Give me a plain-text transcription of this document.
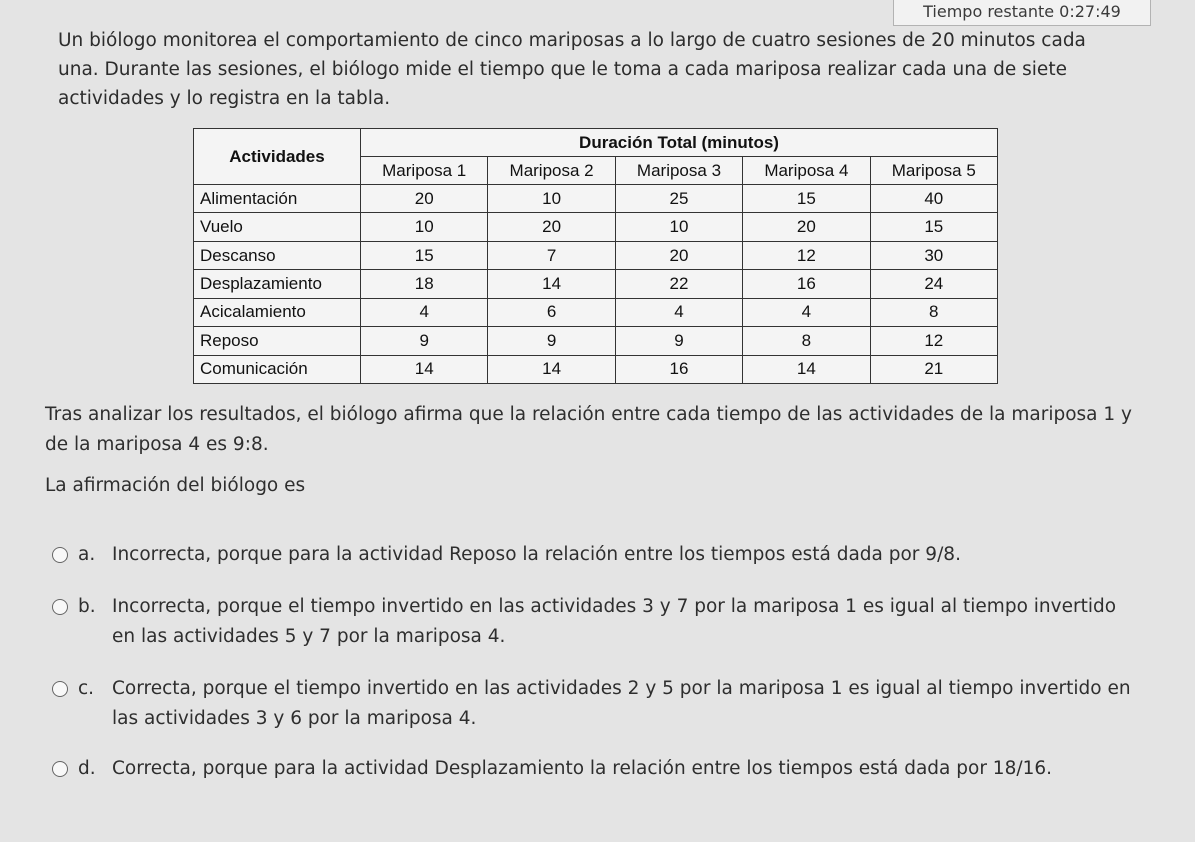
Tiempo restante 0:27:49

Un biólogo monitorea el comportamiento de cinco mariposas a lo largo de cuatro sesiones de 20 minutos cada una. Durante las sesiones, el biólogo mide el tiempo que le toma a cada mariposa realizar cada una de siete actividades y lo registra en la tabla.

Actividades	Duración Total (minutos)				
	Mariposa 1	Mariposa 2	Mariposa 3	Mariposa 4	Mariposa 5
Alimentación	20	10	25	15	40
Vuelo	10	20	10	20	15
Descanso	15	7	20	12	30
Desplazamiento	18	14	22	16	24
Acicalamiento	4	6	4	4	8
Reposo	9	9	9	8	12
Comunicación	14	14	16	14	21

Tras analizar los resultados, el biólogo afirma que la relación entre cada tiempo de las actividades de la mariposa 1 y de la mariposa 4 es 9:8.

La afirmación del biólogo es

a. Incorrecta, porque para la actividad Reposo la relación entre los tiempos está dada por 9/8.
b. Incorrecta, porque el tiempo invertido en las actividades 3 y 7 por la mariposa 1 es igual al tiempo invertido en las actividades 5 y 7 por la mariposa 4.
c. Correcta, porque el tiempo invertido en las actividades 2 y 5 por la mariposa 1 es igual al tiempo invertido en las actividades 3 y 6 por la mariposa 4.
d. Correcta, porque para la actividad Desplazamiento la relación entre los tiempos está dada por 18/16.
